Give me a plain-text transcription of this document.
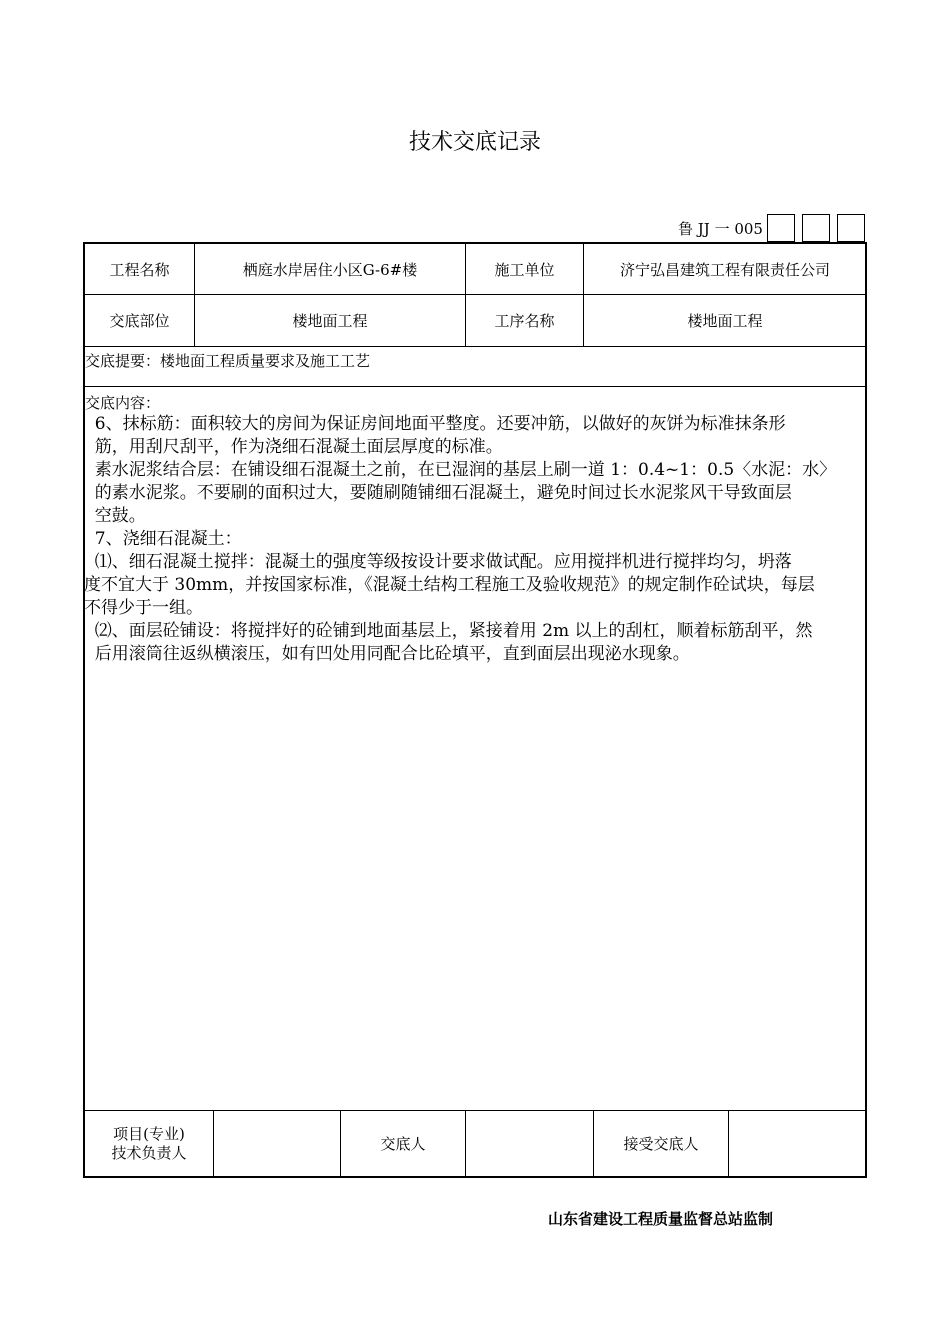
技术交底记录
鲁 JJ 一 005
工程名称	栖庭水岸居住小区G-6#楼	施工单位	济宁弘昌建筑工程有限责任公司
交底部位	楼地面工程	工序名称	楼地面工程
交底提要：楼地面工程质量要求及施工工艺
交底内容：

6、抹标筋：面积较大的房间为保证房间地面平整度。还要冲筋，以做好的灰饼为标准抹条形

筋，用刮尺刮平，作为浇细石混凝土面层厚度的标准。

素水泥浆结合层：在铺设细石混凝土之前，在已湿润的基层上刷一道 1：0.4~1：0.5〈水泥：水〉

的素水泥浆。不要刷的面积过大，要随刷随铺细石混凝土，避免时间过长水泥浆风干导致面层

空鼓。

7、浇细石混凝土：

⑴、细石混凝土搅拌：混凝土的强度等级按设计要求做试配。应用搅拌机进行搅拌均匀，坍落

度不宜大于 30mm，并按国家标准，《混凝土结构工程施工及验收规范》的规定制作砼试块，每层

不得少于一组。

⑵、面层砼铺设：将搅拌好的砼铺到地面基层上，紧接着用 2m 以上的刮杠，顺着标筋刮平，然

后用滚筒往返纵横滚压，如有凹处用同配合比砼填平，直到面层出现泌水现象。

项目(专业)
技术负责人	交底人	接受交底人
山东省建设工程质量监督总站监制
